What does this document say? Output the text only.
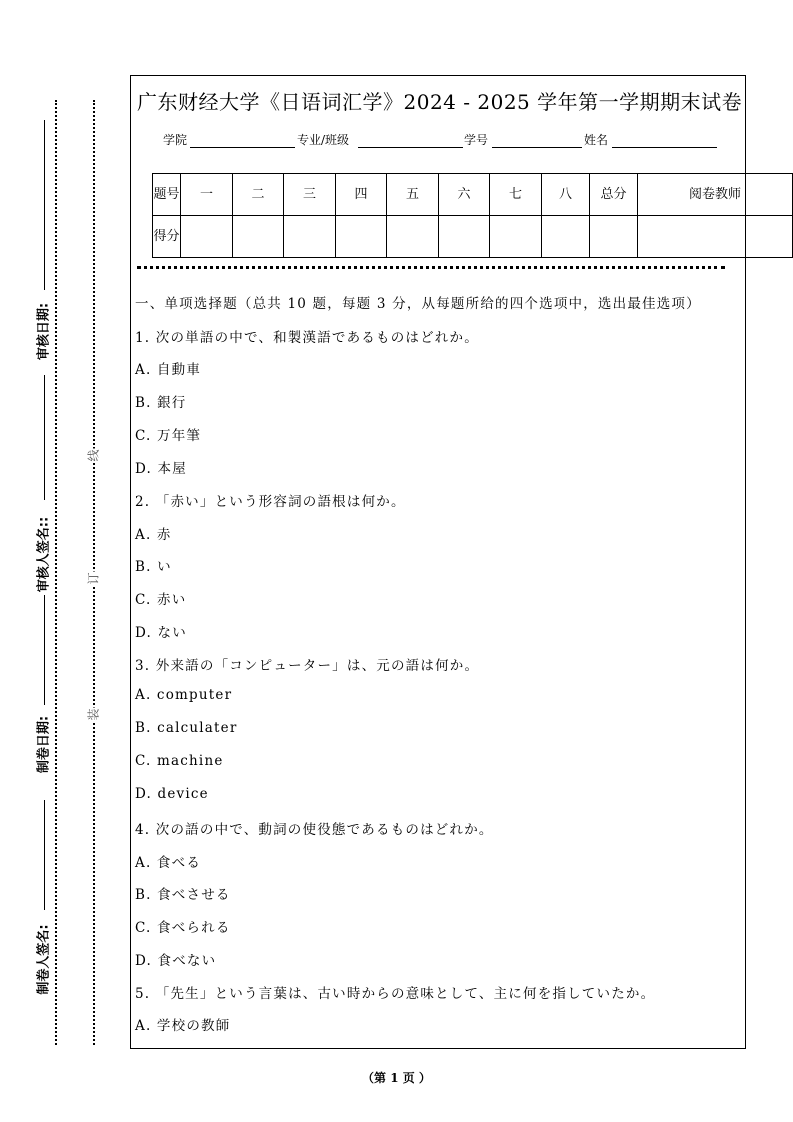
制卷人签名:
制卷日期:
审核人签名::
审核日期:
装
订
线
广东财经大学《日语词汇学》2024 - 2025 学年第一学期期末试卷
学院	专业/班级	学号	姓名
题号	一	二	三	四	五	六	七	八	总分	阅卷教师
得分										
一、单项选择题（总共 10 题，每题 3 分，从每题所给的四个选项中，选出最佳选项）
1. 次の単語の中で、和製漢語であるものはどれか。
A. 自動車
B. 銀行
C. 万年筆
D. 本屋
2. 「赤い」という形容詞の語根は何か。
A. 赤
B. い
C. 赤い
D. ない
3. 外来語の「コンピューター」は、元の語は何か。
A. computer
B. calculater
C. machine
D. device
4. 次の語の中で、動詞の使役態であるものはどれか。
A. 食べる
B. 食べさせる
C. 食べられる
D. 食べない
5. 「先生」という言葉は、古い時からの意味として、主に何を指していたか。
A. 学校の教師
（第 1 页 ）
